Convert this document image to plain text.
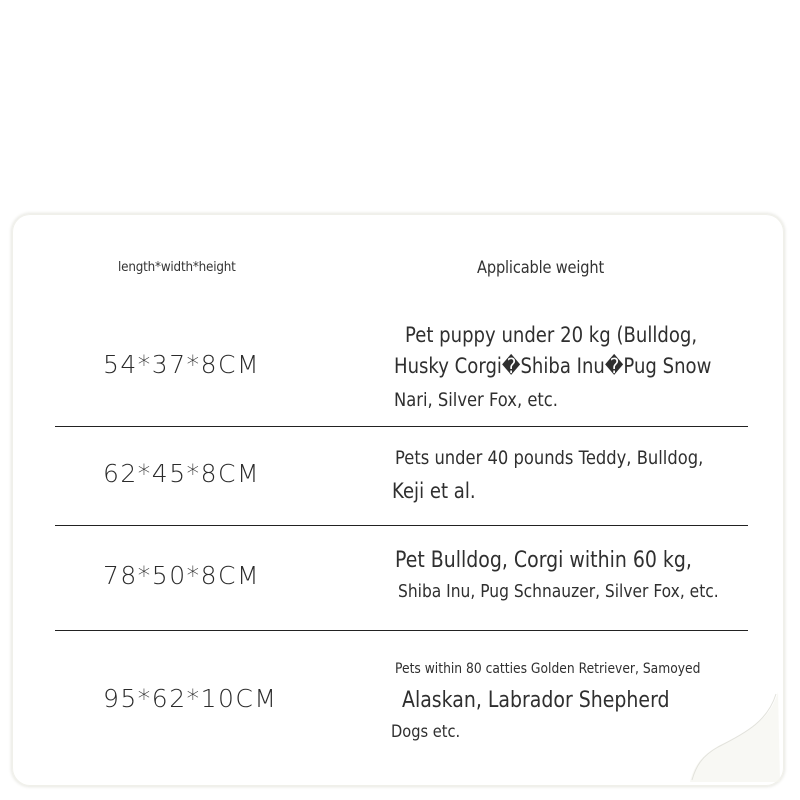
length*width*height	Applicable weight
54*37*8CM
Pet puppy under 20 kg (Bulldog,
Husky Corgi�Shiba Inu�Pug Snow
Nari, Silver Fox, etc.
62*45*8CM
Pets under 40 pounds Teddy, Bulldog,
Keji et al.
78*50*8CM
Pet Bulldog, Corgi within 60 kg,
Shiba Inu, Pug Schnauzer, Silver Fox, etc.
95*62*10CM
Pets within 80 catties Golden Retriever, Samoyed
Alaskan, Labrador Shepherd
Dogs etc.
